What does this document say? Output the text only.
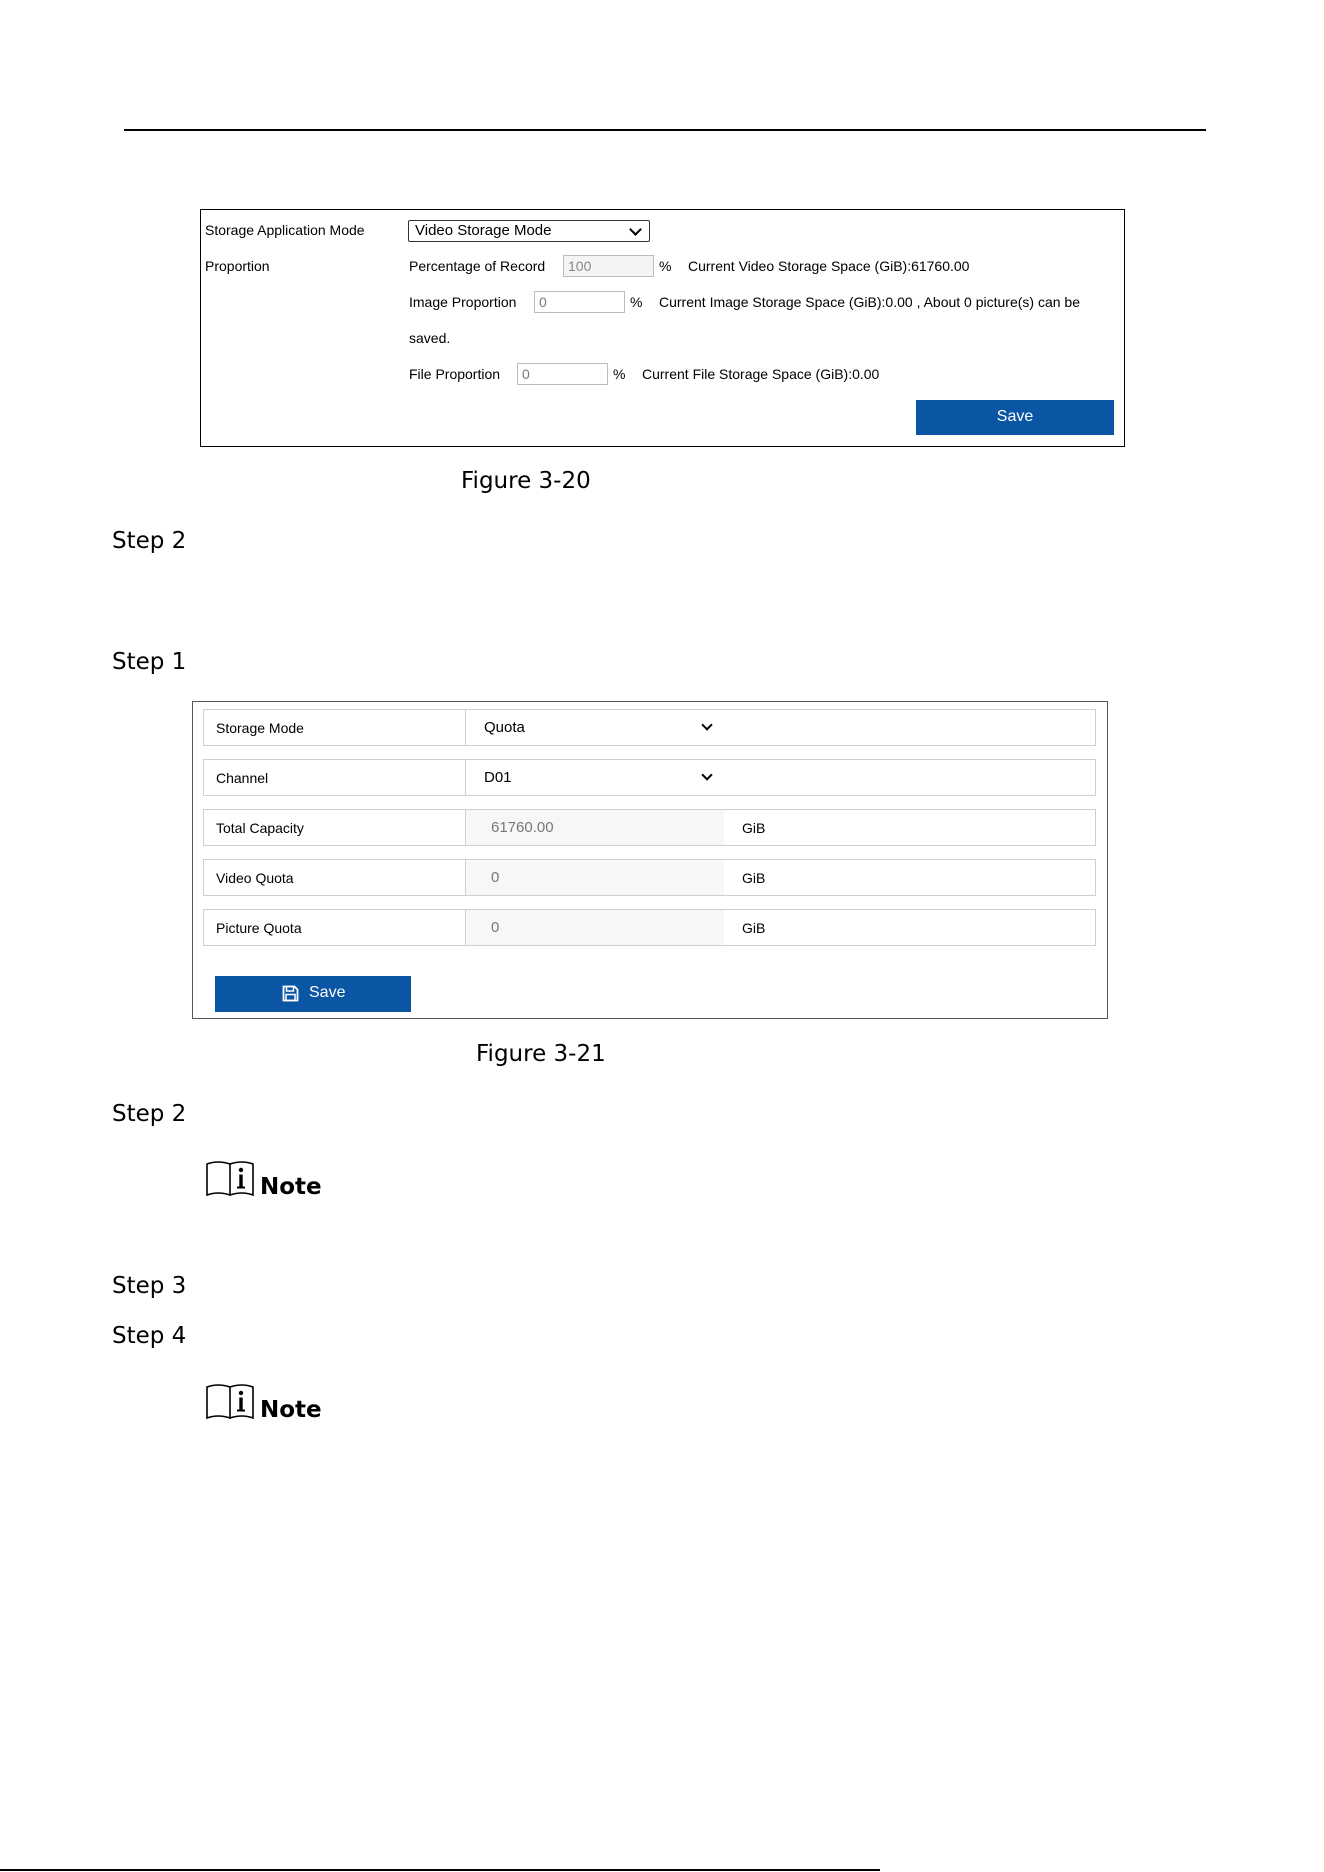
Storage Application Mode	Video Storage Mode
Proportion	Percentage of Record	100	% Current Video Storage Space (GiB):61760.00
Image Proportion	0	% Current Image Storage Space (GiB):0.00 , About 0 picture(s) can be
saved.
File Proportion	0	% Current File Storage Space (GiB):0.00
Save
Figure 3-20
Step 2
Step 1
Storage Mode	Quota
Channel	D01
Total Capacity	61760.00	GiB
Video Quota	0	GiB
Picture Quota	0	GiB
Save
Figure 3-21
Step 2
Note
Step 3
Step 4
Note
